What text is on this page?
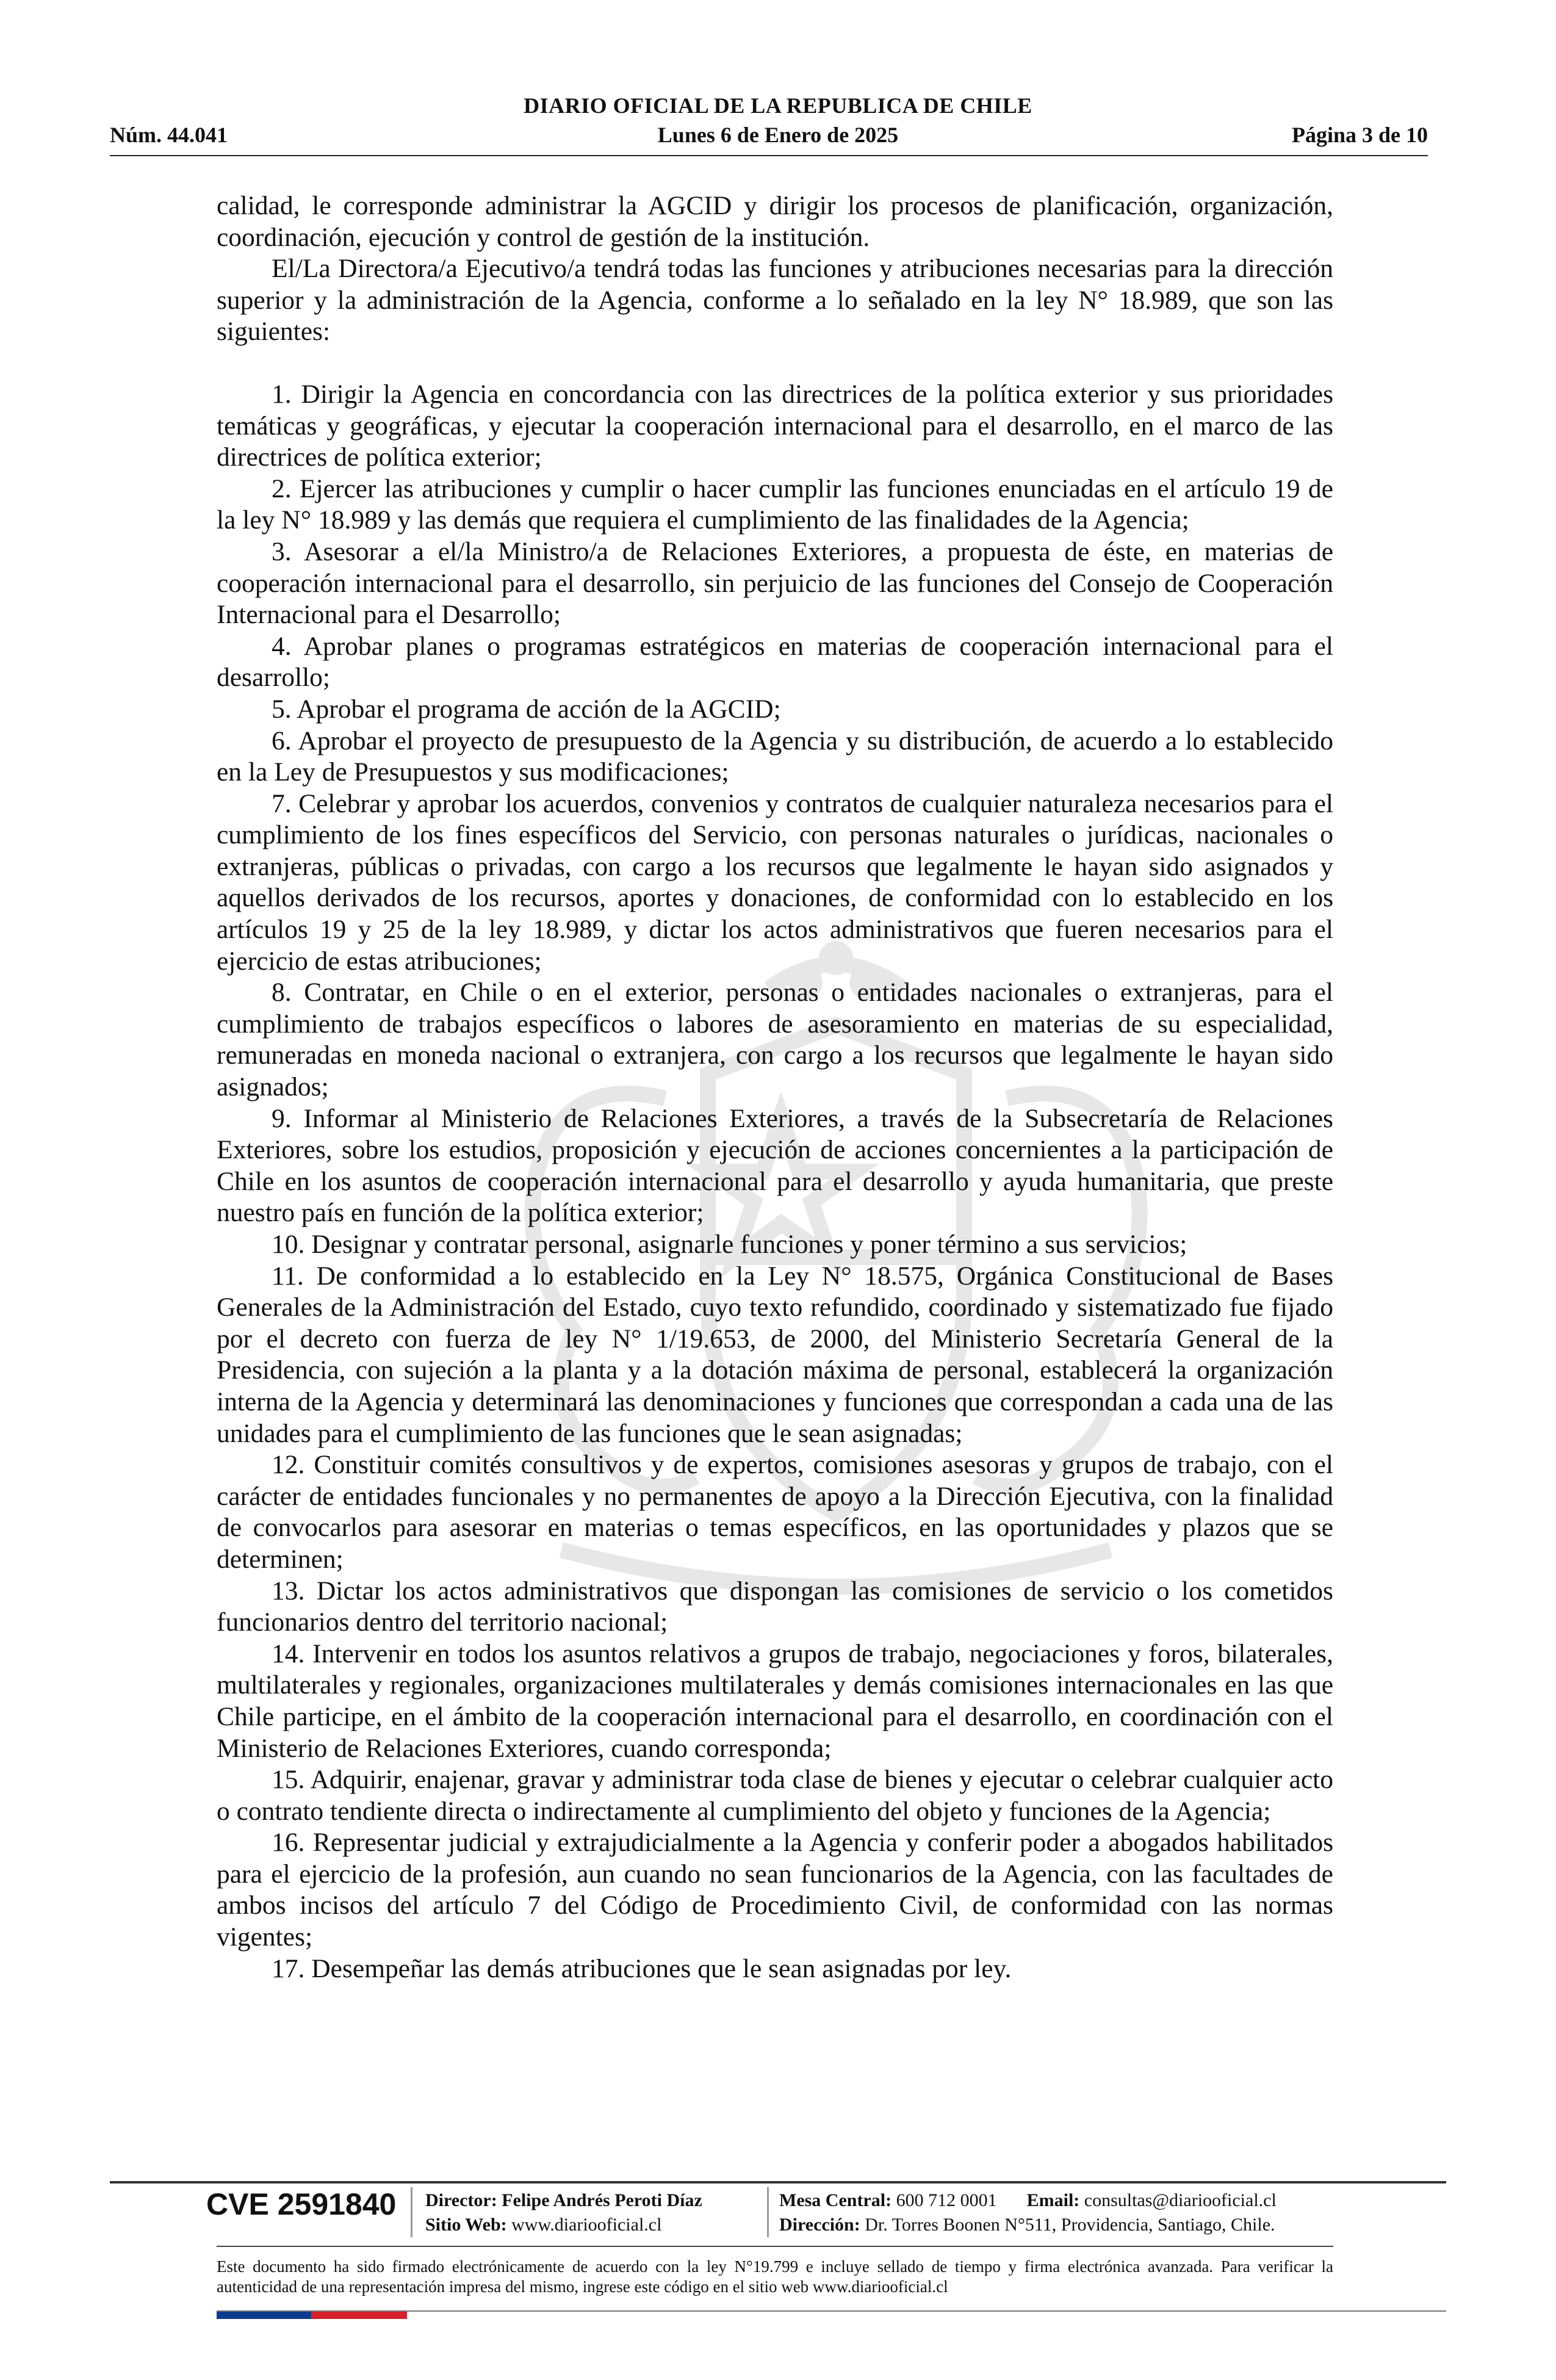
DIARIO OFICIAL DE LA REPUBLICA DE CHILE
Núm. 44.041	Lunes 6 de Enero de 2025	Página 3 de 10

calidad, le corresponde administrar la AGCID y dirigir los procesos de planificación, organización, coordinación, ejecución y control de gestión de la institución.

El/La Directora/a Ejecutivo/a tendrá todas las funciones y atribuciones necesarias para la dirección superior y la administración de la Agencia, conforme a lo señalado en la ley N° 18.989, que son las siguientes:

1. Dirigir la Agencia en concordancia con las directrices de la política exterior y sus prioridades temáticas y geográficas, y ejecutar la cooperación internacional para el desarrollo, en el marco de las directrices de política exterior;

2. Ejercer las atribuciones y cumplir o hacer cumplir las funciones enunciadas en el artículo 19 de la ley N° 18.989 y las demás que requiera el cumplimiento de las finalidades de la Agencia;

3. Asesorar a el/la Ministro/a de Relaciones Exteriores, a propuesta de éste, en materias de cooperación internacional para el desarrollo, sin perjuicio de las funciones del Consejo de Cooperación Internacional para el Desarrollo;

4. Aprobar planes o programas estratégicos en materias de cooperación internacional para el desarrollo;

5. Aprobar el programa de acción de la AGCID;

6. Aprobar el proyecto de presupuesto de la Agencia y su distribución, de acuerdo a lo establecido en la Ley de Presupuestos y sus modificaciones;

7. Celebrar y aprobar los acuerdos, convenios y contratos de cualquier naturaleza necesarios para el cumplimiento de los fines específicos del Servicio, con personas naturales o jurídicas, nacionales o extranjeras, públicas o privadas, con cargo a los recursos que legalmente le hayan sido asignados y aquellos derivados de los recursos, aportes y donaciones, de conformidad con lo establecido en los artículos 19 y 25 de la ley 18.989, y dictar los actos administrativos que fueren necesarios para el ejercicio de estas atribuciones;

8. Contratar, en Chile o en el exterior, personas o entidades nacionales o extranjeras, para el cumplimiento de trabajos específicos o labores de asesoramiento en materias de su especialidad, remuneradas en moneda nacional o extranjera, con cargo a los recursos que legalmente le hayan sido asignados;

9. Informar al Ministerio de Relaciones Exteriores, a través de la Subsecretaría de Relaciones Exteriores, sobre los estudios, proposición y ejecución de acciones concernientes a la participación de Chile en los asuntos de cooperación internacional para el desarrollo y ayuda humanitaria, que preste nuestro país en función de la política exterior;

10. Designar y contratar personal, asignarle funciones y poner término a sus servicios;

11. De conformidad a lo establecido en la Ley N° 18.575, Orgánica Constitucional de Bases Generales de la Administración del Estado, cuyo texto refundido, coordinado y sistematizado fue fijado por el decreto con fuerza de ley N° 1/19.653, de 2000, del Ministerio Secretaría General de la Presidencia, con sujeción a la planta y a la dotación máxima de personal, establecerá la organización interna de la Agencia y determinará las denominaciones y funciones que correspondan a cada una de las unidades para el cumplimiento de las funciones que le sean asignadas;

12. Constituir comités consultivos y de expertos, comisiones asesoras y grupos de trabajo, con el carácter de entidades funcionales y no permanentes de apoyo a la Dirección Ejecutiva, con la finalidad de convocarlos para asesorar en materias o temas específicos, en las oportunidades y plazos que se determinen;

13. Dictar los actos administrativos que dispongan las comisiones de servicio o los cometidos funcionarios dentro del territorio nacional;

14. Intervenir en todos los asuntos relativos a grupos de trabajo, negociaciones y foros, bilaterales, multilaterales y regionales, organizaciones multilaterales y demás comisiones internacionales en las que Chile participe, en el ámbito de la cooperación internacional para el desarrollo, en coordinación con el Ministerio de Relaciones Exteriores, cuando corresponda;

15. Adquirir, enajenar, gravar y administrar toda clase de bienes y ejecutar o celebrar cualquier acto o contrato tendiente directa o indirectamente al cumplimiento del objeto y funciones de la Agencia;

16. Representar judicial y extrajudicialmente a la Agencia y conferir poder a abogados habilitados para el ejercicio de la profesión, aun cuando no sean funcionarios de la Agencia, con las facultades de ambos incisos del artículo 7 del Código de Procedimiento Civil, de conformidad con las normas vigentes;

17. Desempeñar las demás atribuciones que le sean asignadas por ley.

CVE 2591840 Director: Felipe Andrés Peroti Díaz
Sitio Web: www.diariooficial.cl
Mesa Central: 600 712 0001 Email: consultas@diariooficial.cl
Dirección: Dr. Torres Boonen N°511, Providencia, Santiago, Chile.
Este documento ha sido firmado electrónicamente de acuerdo con la ley N°19.799 e incluye sellado de tiempo y firma electrónica avanzada. Para verificar la autenticidad de una representación impresa del mismo, ingrese este código en el sitio web www.diariooficial.cl
